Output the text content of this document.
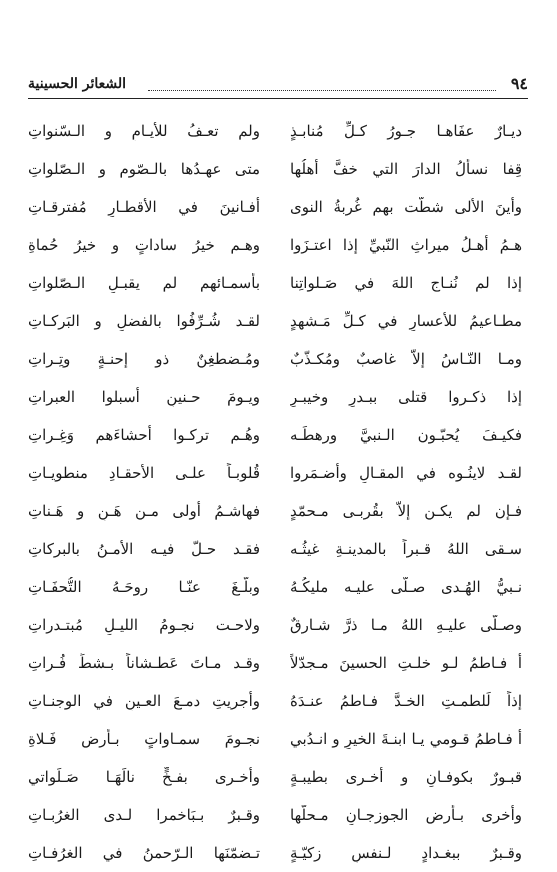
الشعائر الحسينية	٩٤
ديـارٌ عفَاهـا جـورُ كـلِّ مُنابـذٍ
ولم تعـفُ للأيـامِ و الـسّنواتِ
قِفا نسألُ الدارَ التي خفَّ أهلُها
متى عهـدُها بالـصّوم و الـصّلواتِ
وأينَ الأُلى شطّت بهم غُربةُ النوى
أفـانينَ في الأقطـارِ مُفترقـاتِ
هـمُ أهـلُ ميراثِ النّبيِّ إذا اعتـزَوا
وهـم خيرُ ساداتٍ و خيرُ حُماةِ
إذا لم نُنـاجِ اللهَ في صَـلواتِنا
بأسمـائهم لم يقبـلِ الـصّلواتِ
مطـاعيمُ للأعسارِ في كـلِّ مَـشهدٍ
لقـد شُـرِّفُوا بالفضلِ و البَركـاتِ
ومـا النّـاسُ إلاّ غاصبٌ ومُكـذّبٌ
ومُـضطغِنٌ ذو إحنـةٍ وتِـراتِ
إذا ذكـروا قتلى ببـدرٍ وخيبـرٍ
ويـومَ حـنينٍ أسبلوا العبراتِ
فكيـفَ يُحبّـون الـنبيَّ ورهطَـه
وهُـم تركـوا أحشاءَهم وَغِـراتِ
لقـد لاينُـوه في المقـالِ وأضـمَروا
قُلوبـاً علـى الأحقـادِ منطويـاتِ
فـإن لم يكـن إلاّ بقُربـى مـحمّدٍ
فهاشـمُ أولى مـن هَـنٍ و هَـناتِ
سـقى اللهُ قـبراً بالمدينـةِ غيثُـه
فقـد حـلّ فيـه الأمـنُ بالبركاتِ
نـبيُّ الهُـدى صـلّى عليـه مليكُـهُ
وبلّـغَ عنّـا روحَـهُ التُّحفَـاتِ
وصـلّى عليـهِ اللهُ مـا ذرَّ شـارقٌ
ولاحـت نجـومُ الليـلِ مُبتـدراتِ
أ فـاطمُ لـو خلـتِ الحسينَ مـجدّلاً
وقـد مـاتَ عَطـشاناً بـشطِّ فُـراتِ
إذاً لَلطمـتِ الخـدَّ فـاطمُ عنـدَهُ
وأجريتِ دمـعَ العـينِ في الوجنـاتِ
أ فـاطمُ قـومي يـا ابنـةَ الخيرِ و انـدُبي
نجـومَ سمـاواتٍ بـأرضِ فَـلاةِ
قبـورٌ بكوفـانٍ و أُخـرى بطيبـةٍ
وأُخـرى بفـخٍّ نالَهَـا صَـلَواتي
وأُخرى بـأرضِ الجوزجـانِ مـحلُّها
وقـبرٌ بـبَاخمرا لـدى الغرُبـاتِ
وقـبرٌ ببغـدادٍ لـنفسٍ زكيّـةٍ
تـضمّنَها الـرّحمنُ في الغرُفـاتِ
